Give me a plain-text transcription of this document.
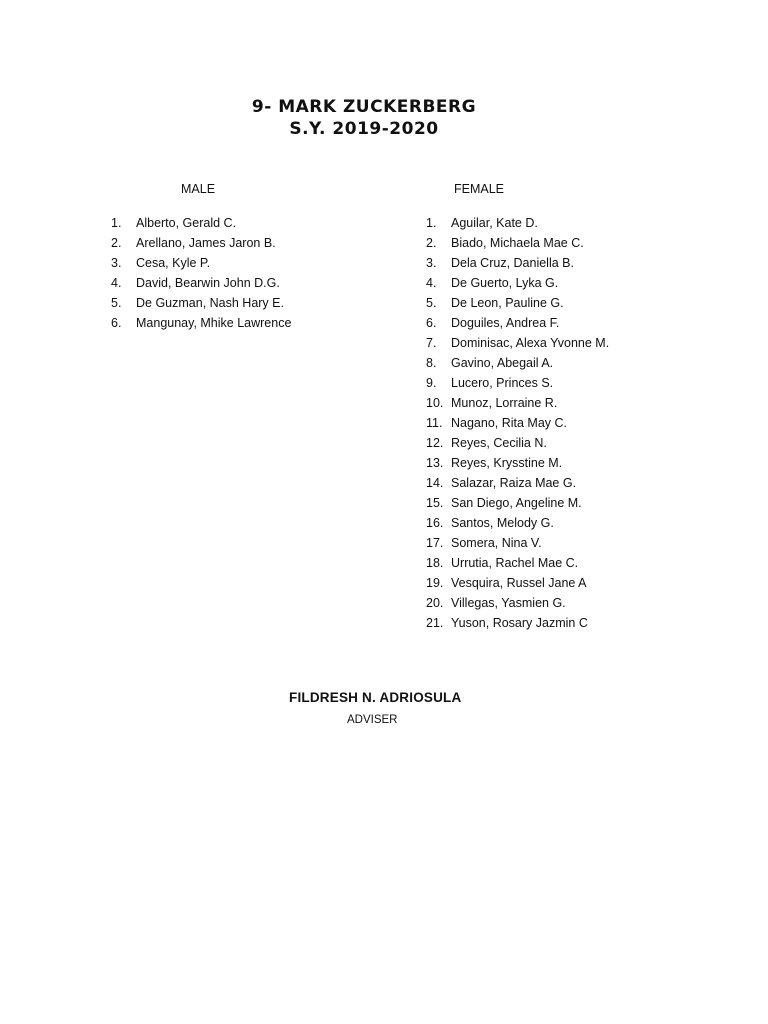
9- MARK ZUCKERBERG
S.Y. 2019-2020
MALE	FEMALE
1.	Alberto, Gerald C.
2.	Arellano, James Jaron B.
3.	Cesa, Kyle P.
4.	David, Bearwin John D.G.
5.	De Guzman, Nash Hary E.
6.	Mangunay, Mhike Lawrence
1.	Aguilar, Kate D.
2.	Biado, Michaela Mae C.
3.	Dela Cruz, Daniella B.
4.	De Guerto, Lyka G.
5.	De Leon, Pauline G.
6.	Doguiles, Andrea F.
7.	Dominisac, Alexa Yvonne M.
8.	Gavino, Abegail A.
9.	Lucero, Princes S.
10. Munoz, Lorraine R.
11. Nagano, Rita May C.
12. Reyes, Cecilia N.
13. Reyes, Krysstine M.
14. Salazar, Raiza Mae G.
15. San Diego, Angeline M.
16. Santos, Melody G.
17. Somera, Nina V.
18. Urrutia, Rachel Mae C.
19. Vesquira, Russel Jane A
20. Villegas, Yasmien G.
21. Yuson, Rosary Jazmin C
FILDRESH N. ADRIOSULA
ADVISER
